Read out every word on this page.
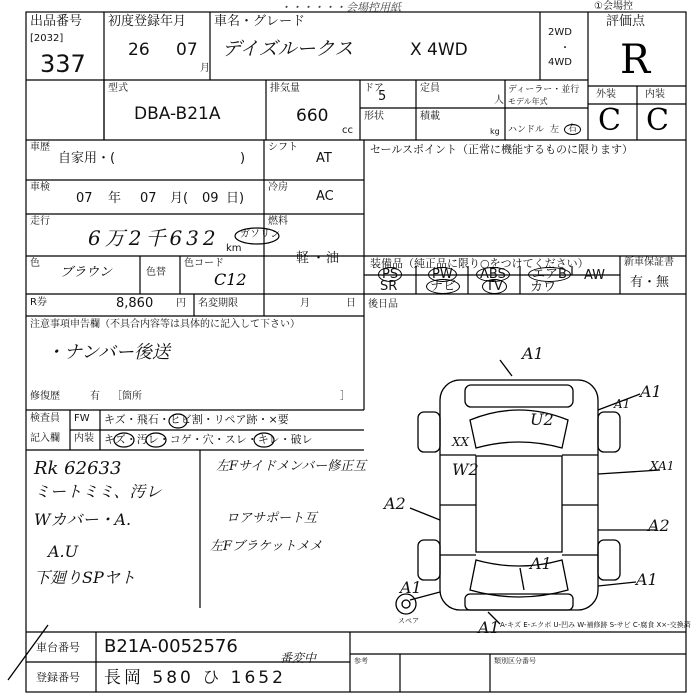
・・・・・・会場控用紙	①会場控
出品番号
[2032]
337
初度登録年月
26 07
月
車名・グレード
デイズルークス	X 4WD
2WD
・
4WD
評価点
R
外装	内装
C C
型式
DBA-B21A
排気量
660
cc
ドア
5
定員
人
ディーラー・並行
モデル年式
形状	積載
kg ハンドル 左 右
車歴
自家用・(	)
シフト
AT
セールスポイント（正常に機能するものに限ります）
車検
07 年 07 月( 09 日)
冷房
AC
走行
6万2千632 km
燃料
ガソリン
軽 ・ 油
色
ブラウン	色替
色コード
C12
装備品（純正品に限り○をつけてください）	新車保証書
有・無
PS	PW	ABS	エアB	AW
SR	ナビ	TV	カワ
R券	8,860 円 名変期限	月	日 後日品
注意事項申告欄（不具合内容等は具体的に記入して下さい）
・ナンバー後送
修復歴	有 ［箇所	］
検査員
記入欄
FW キズ・飛石・ヒビ割・リペア跡・×要
内装 キズ・汚レ・コゲ・穴・スレ・キレ・破レ
Rk 62633
ミートミミ、汚レ
Wカバー・A.
A.U
下廻りSPヤト
左Fサイドメンバー修正互
ロアサポート互
左Fブラケットメメ
A1
A1
A1
U2
XX
W2
A2
A2
A1
A1
A1
XA1
A1
スペア	A-キズ E-エクボ U-凹み W-補修跡 S-サビ C-腐食 X×-交換済
車台番号 B21A-0052576
番変中
登録番号 長岡 580 ひ 1652
参考	類別区分番号
